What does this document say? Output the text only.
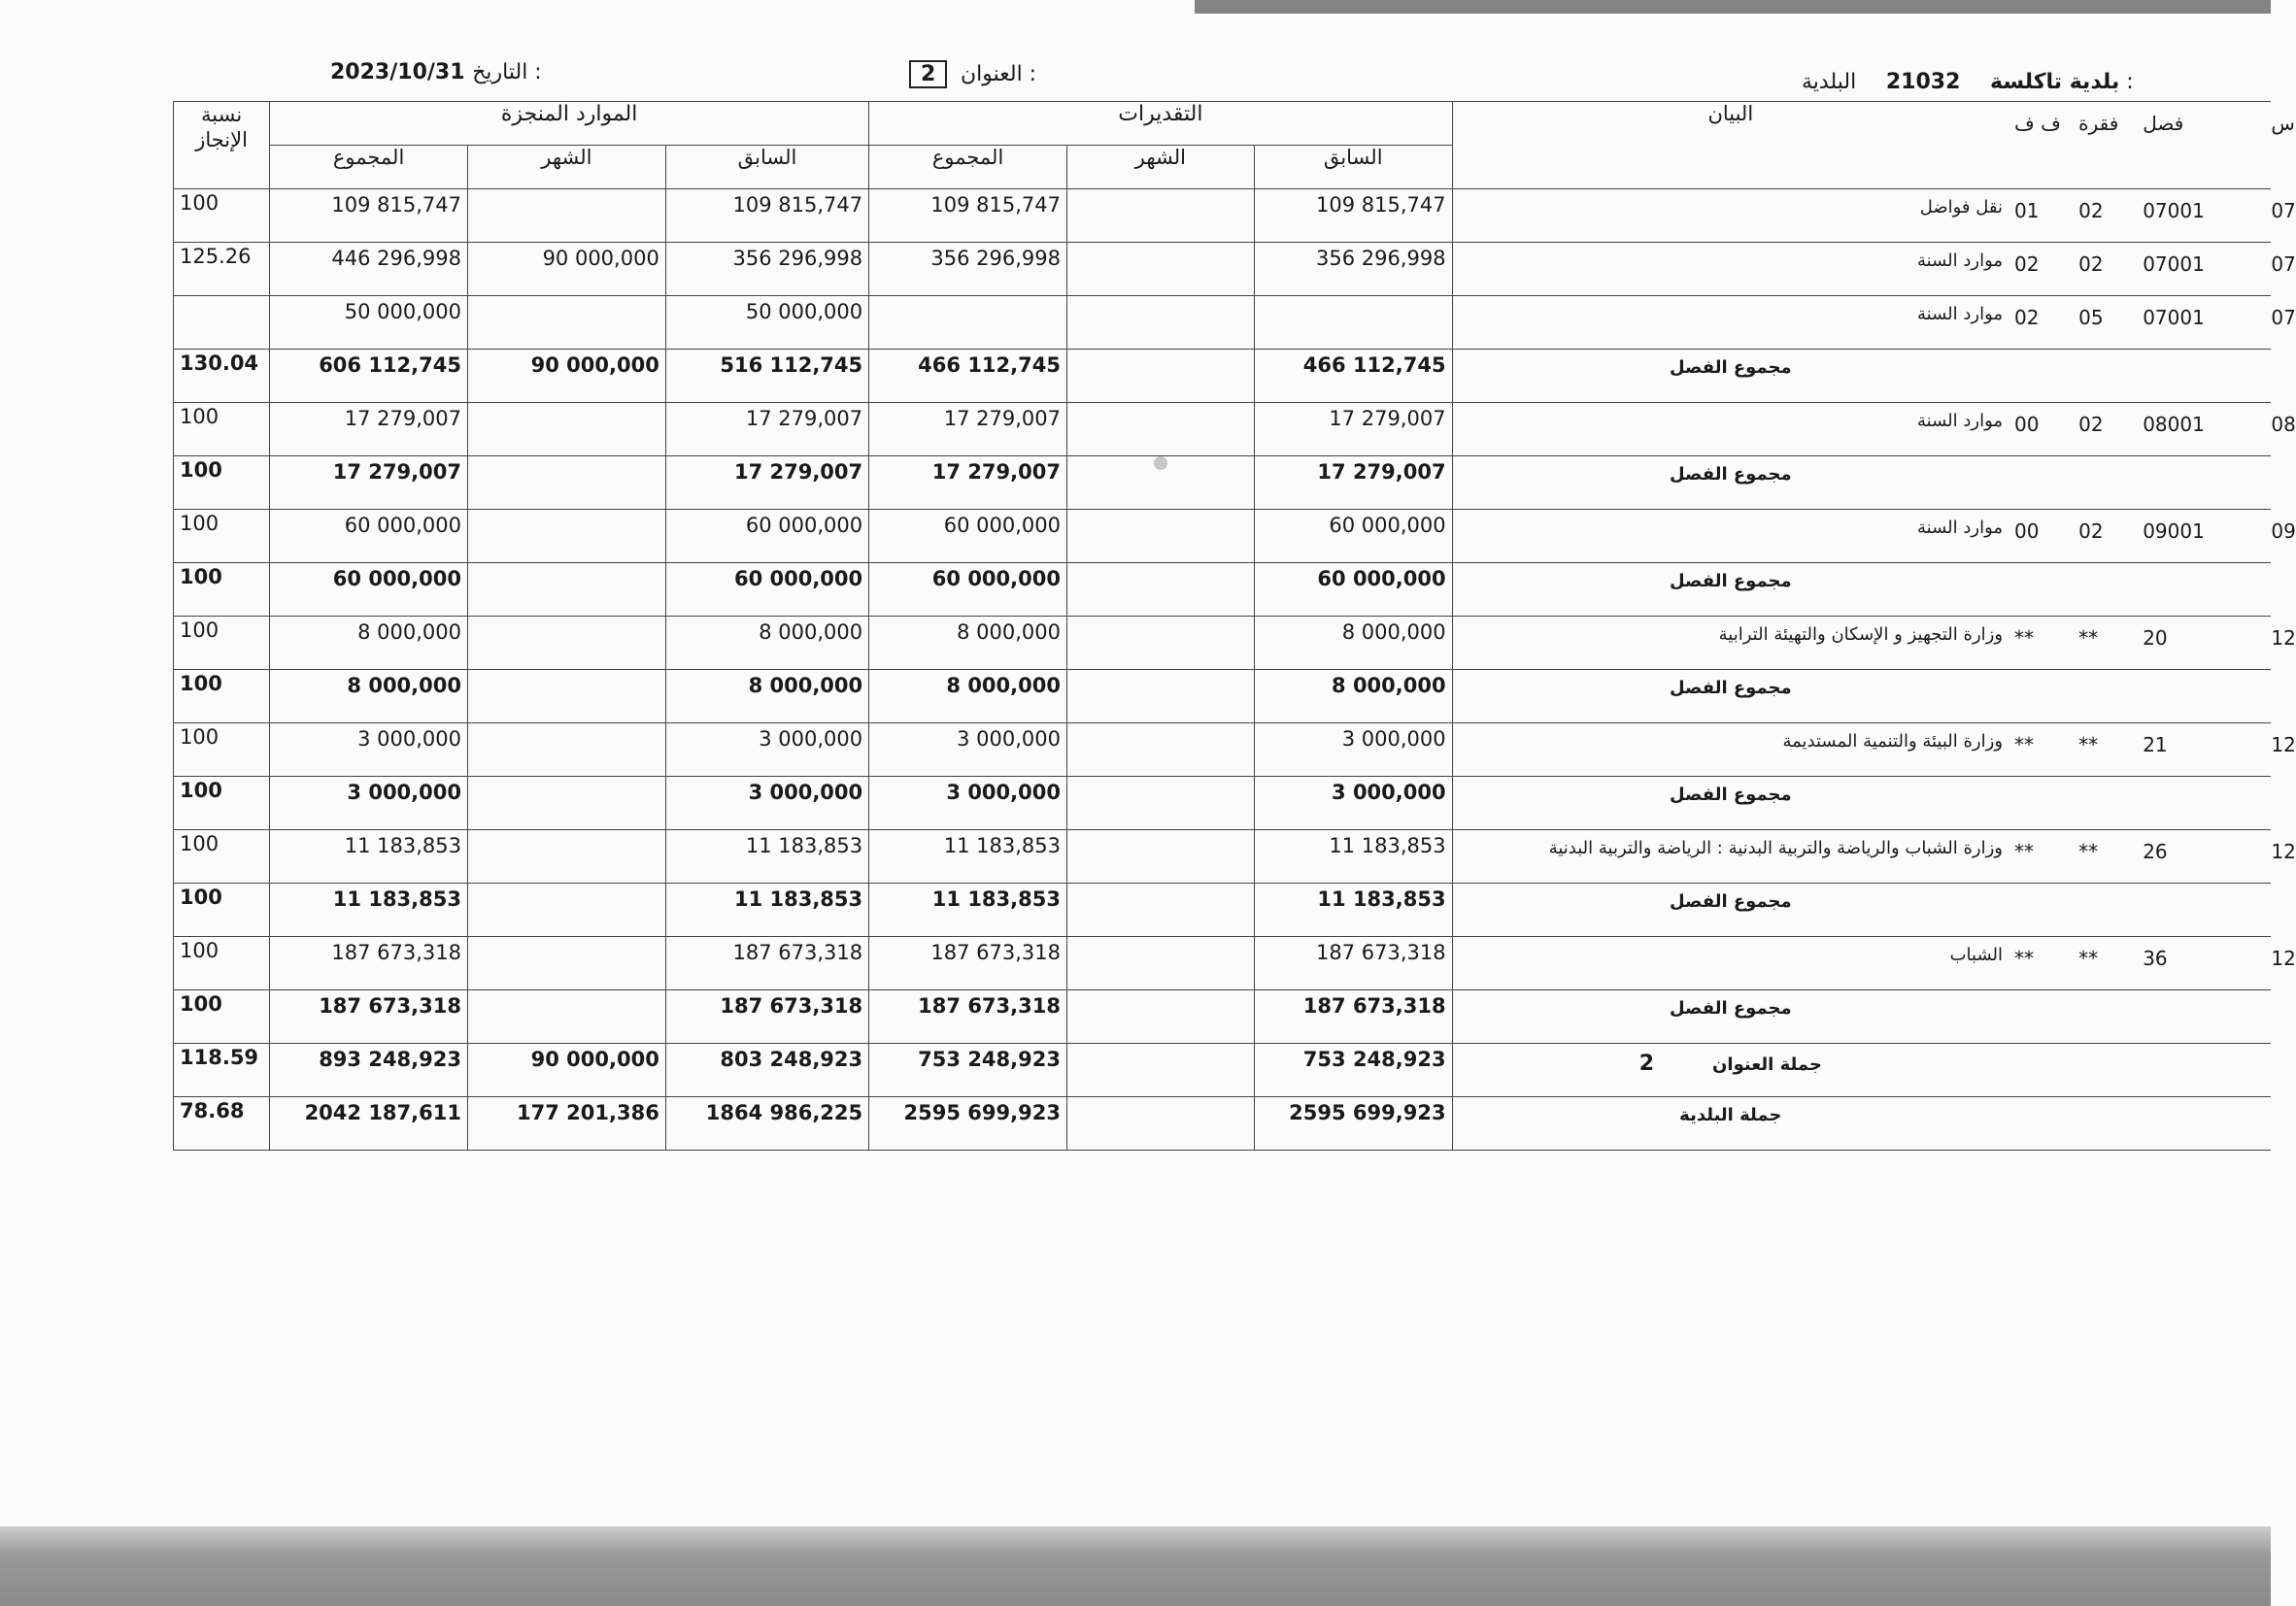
2023/10/31 التاريخ :	2 العنوان :	بلدية تاكلسة    21032    البلدية :
نسبة الإنجاز	الموارد المنجزة			التقديرات			البيان	ف ف	فقرة	فصل	س
	المجموع	الشهر	السابق	المجموع	الشهر	السابق					
100	109 815,747		109 815,747	109 815,747		109 815,747	نقل فواضل	01	02	07001	07
125.26	446 296,998	90 000,000	356 296,998	356 296,998		356 296,998	موارد السنة	02	02	07001	07
	50 000,000		50 000,000				موارد السنة	02	05	07001	07
130.04	606 112,745	90 000,000	516 112,745	466 112,745		466 112,745	مجموع الفصل				
100	17 279,007		17 279,007	17 279,007		17 279,007	موارد السنة	00	02	08001	08
100	17 279,007		17 279,007	17 279,007		17 279,007	مجموع الفصل				
100	60 000,000		60 000,000	60 000,000		60 000,000	موارد السنة	00	02	09001	09
100	60 000,000		60 000,000	60 000,000		60 000,000	مجموع الفصل				
100	8 000,000		8 000,000	8 000,000		8 000,000	وزارة التجهيز و الإسكان والتهيئة الترابية	**	**	20	12
100	8 000,000		8 000,000	8 000,000		8 000,000	مجموع الفصل				
100	3 000,000		3 000,000	3 000,000		3 000,000	وزارة البيئة والتنمية المستديمة	**	**	21	12
100	3 000,000		3 000,000	3 000,000		3 000,000	مجموع الفصل				
100	11 183,853		11 183,853	11 183,853		11 183,853	وزارة الشباب والرياضة والتربية البدنية : الرياضة والتربية البدنية	**	**	26	12
100	11 183,853		11 183,853	11 183,853		11 183,853	مجموع الفصل				
100	187 673,318		187 673,318	187 673,318		187 673,318	الشباب	**	**	36	12
100	187 673,318		187 673,318	187 673,318		187 673,318	مجموع الفصل				
118.59	893 248,923	90 000,000	803 248,923	753 248,923		753 248,923	جملة العنوان2				
78.68	2042 187,611	177 201,386	1864 986,225	2595 699,923		2595 699,923	جملة البلدية				
